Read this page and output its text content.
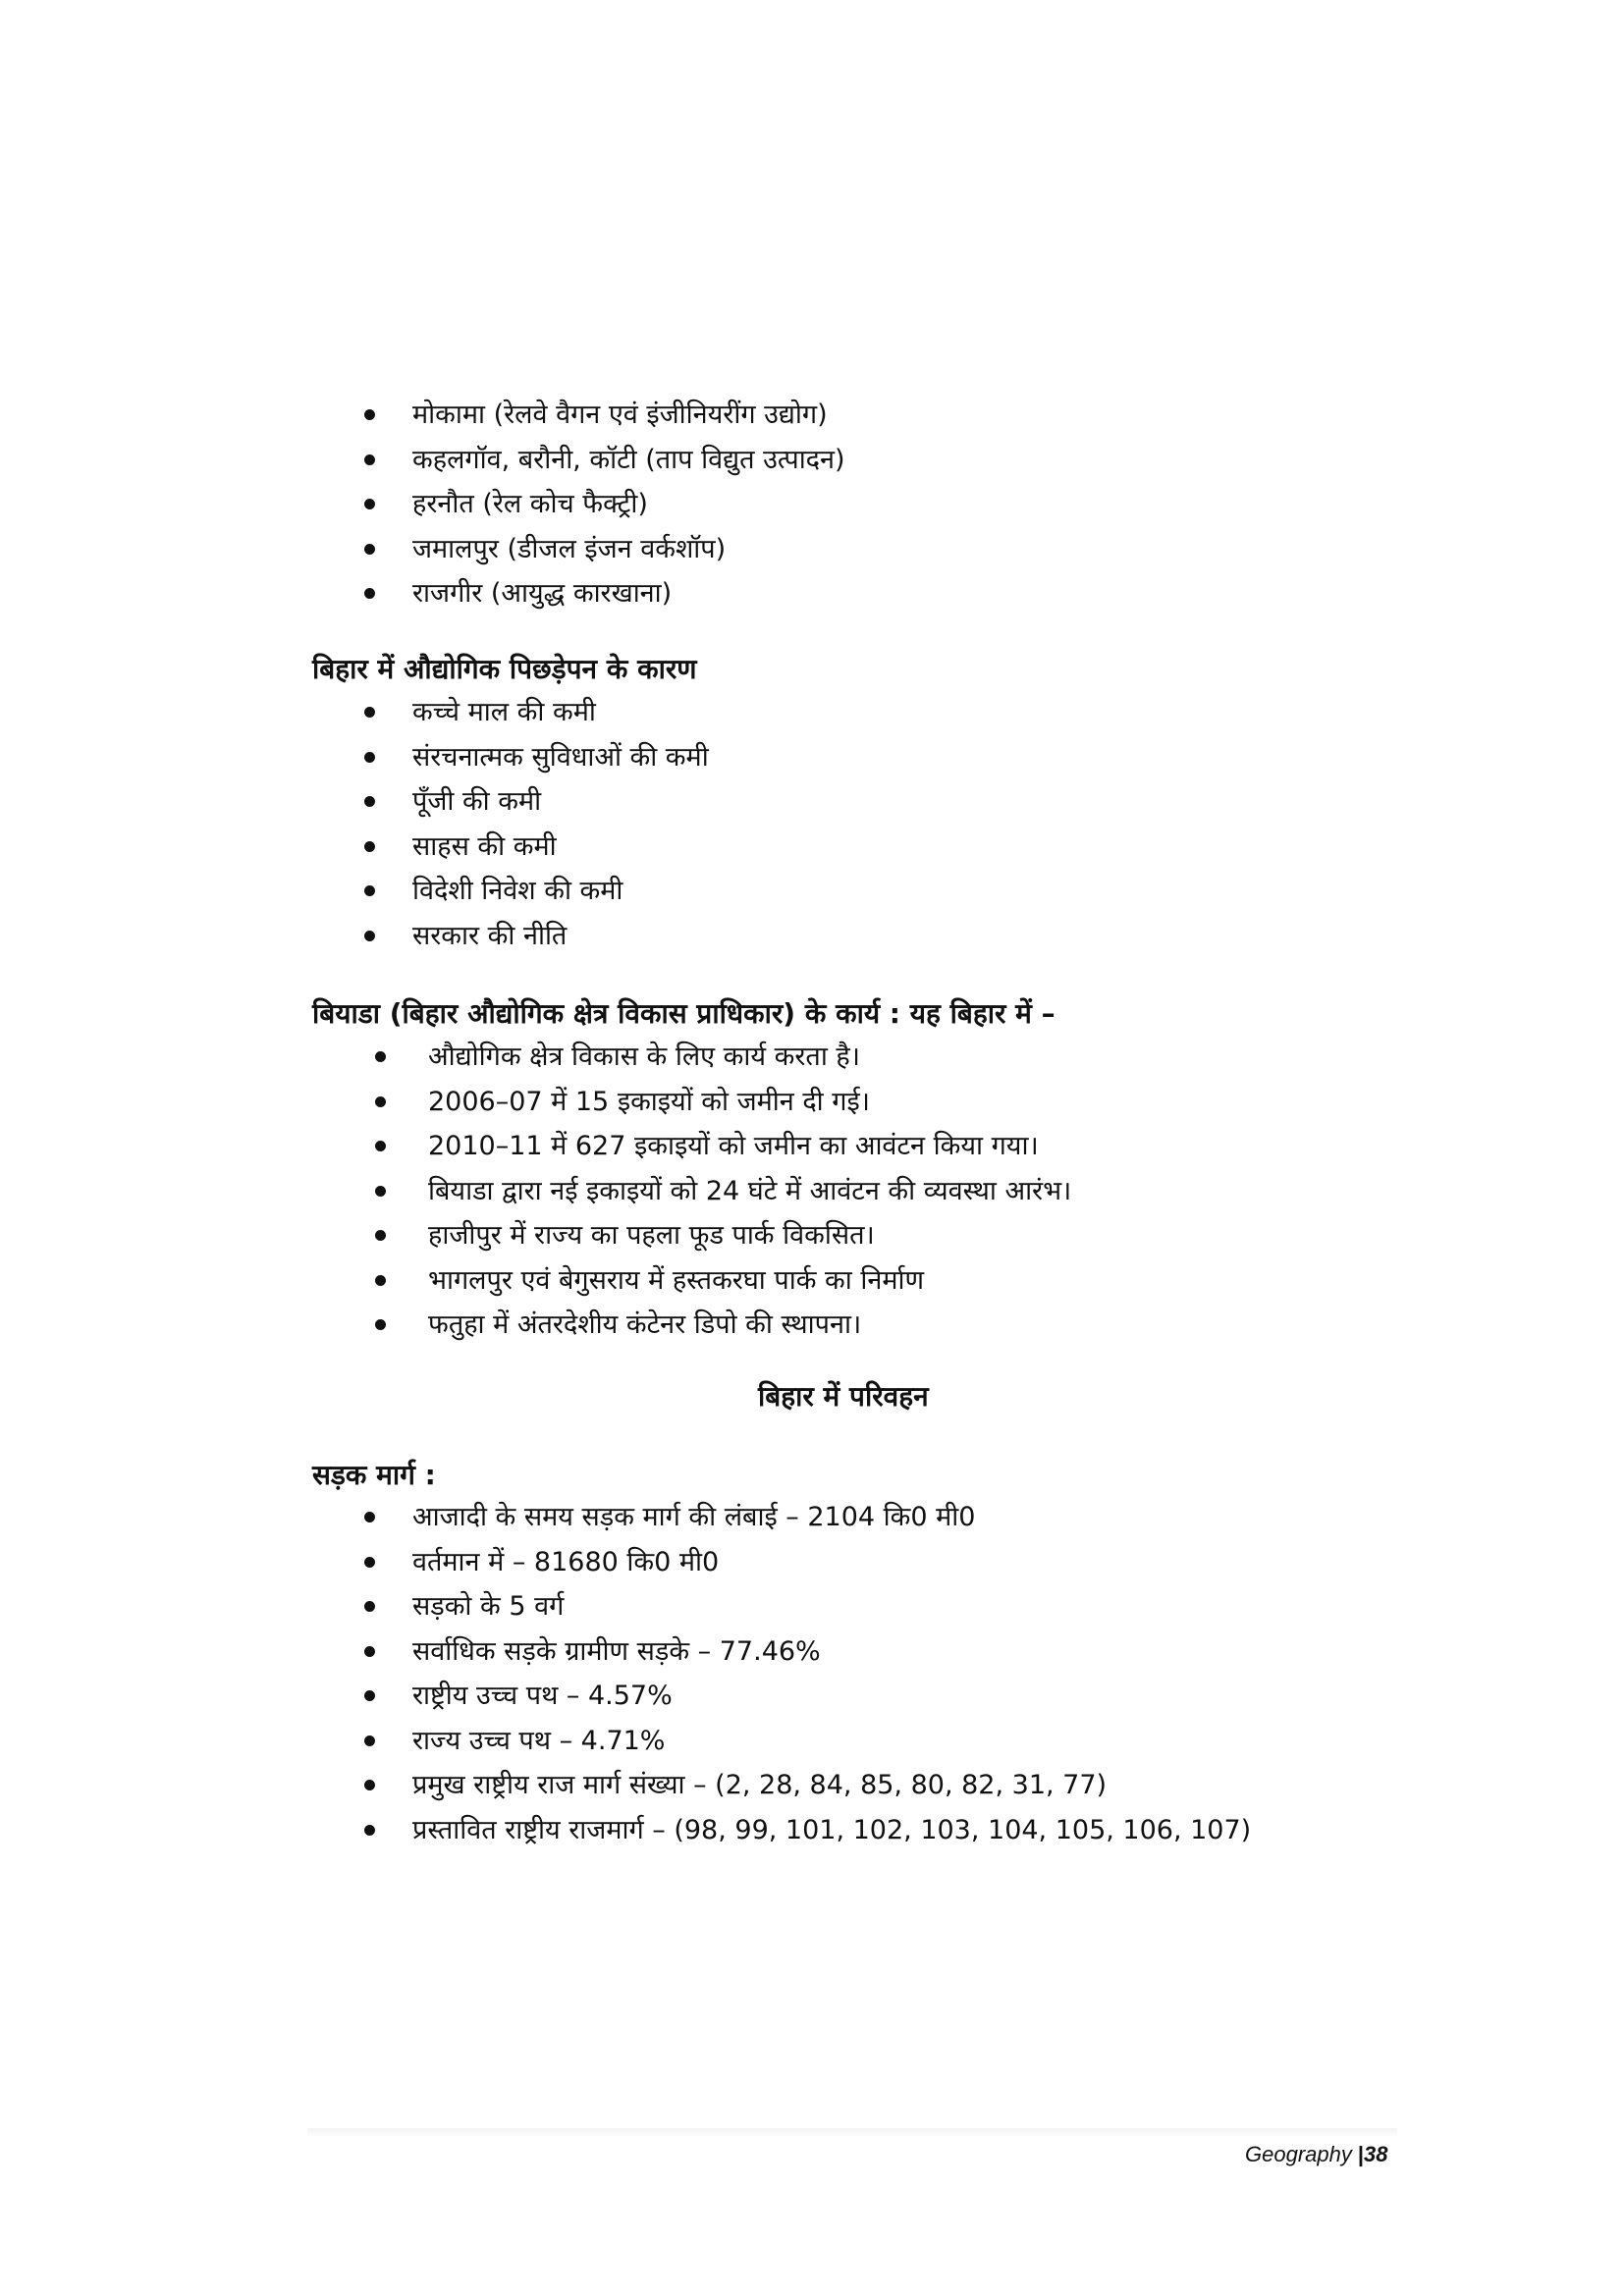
मोकामा (रेलवे वैगन एवं इंजीनियरींग उद्योग)
कहलगॉव, बरौनी, कॉटी (ताप विद्युत उत्पादन)
हरनौत (रेल कोच फैक्ट्री)
जमालपुर (डीजल इंजन वर्कशॉप)
राजगीर (आयुद्ध कारखाना)
बिहार में औद्योगिक पिछड़ेपन के कारण
कच्चे माल की कमी
संरचनात्मक सुविधाओं की कमी
पूँजी की कमी
साहस की कमी
विदेशी निवेश की कमी
सरकार की नीति
बियाडा (बिहार औद्योगिक क्षेत्र विकास प्राधिकार) के कार्य : यह बिहार में –
औद्योगिक क्षेत्र विकास के लिए कार्य करता है।
2006–07 में 15 इकाइयों को जमीन दी गई।
2010–11 में 627 इकाइयों को जमीन का आवंटन किया गया।
बियाडा द्वारा नई इकाइयों को 24 घंटे में आवंटन की व्यवस्था आरंभ।
हाजीपुर में राज्य का पहला फूड पार्क विकसित।
भागलपुर एवं बेगुसराय में हस्तकरघा पार्क का निर्माण
फतुहा में अंतरदेशीय कंटेनर डिपो की स्थापना।
बिहार में परिवहन
सड़क मार्ग :
आजादी के समय सड़क मार्ग की लंबाई – 2104 कि0 मी0
वर्तमान में – 81680 कि0 मी0
सड़को के 5 वर्ग
सर्वाधिक सड़के ग्रामीण सड़के – 77.46%
राष्ट्रीय उच्च पथ – 4.57%
राज्य उच्च पथ – 4.71%
प्रमुख राष्ट्रीय राज मार्ग संख्या – (2, 28, 84, 85, 80, 82, 31, 77)
प्रस्तावित राष्ट्रीय राजमार्ग – (98, 99, 101, 102, 103, 104, 105, 106, 107)
Geography |38
